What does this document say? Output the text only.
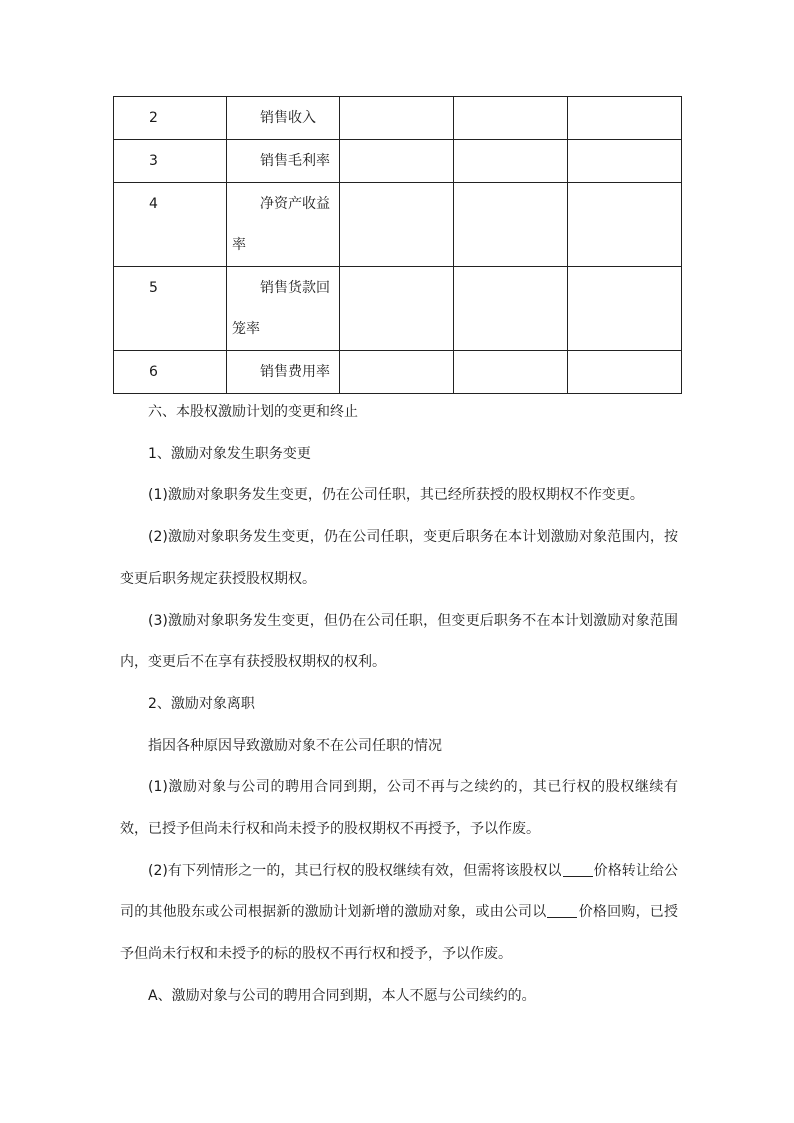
2	销售收入			

3	销售毛利率			

4	净资产收益率			

5	销售货款回笼率			

6	销售费用率			

六、本股权激励计划的变更和终止

1、激励对象发生职务变更

(1)激励对象职务发生变更，仍在公司任职，其已经所获授的股权期权不作变更。

(2)激励对象职务发生变更，仍在公司任职，变更后职务在本计划激励对象范围内，按变更后职务规定获授股权期权。

(3)激励对象职务发生变更，但仍在公司任职，但变更后职务不在本计划激励对象范围内，变更后不在享有获授股权期权的权利。

2、激励对象离职

指因各种原因导致激励对象不在公司任职的情况

(1)激励对象与公司的聘用合同到期，公司不再与之续约的，其已行权的股权继续有效，已授予但尚未行权和尚未授予的股权期权不再授予，予以作废。

(2)有下列情形之一的，其已行权的股权继续有效，但需将该股权以 价格转让给公司的其他股东或公司根据新的激励计划新增的激励对象，或由公司以 价格回购，已授予但尚未行权和未授予的标的股权不再行权和授予，予以作废。

A、激励对象与公司的聘用合同到期，本人不愿与公司续约的。
